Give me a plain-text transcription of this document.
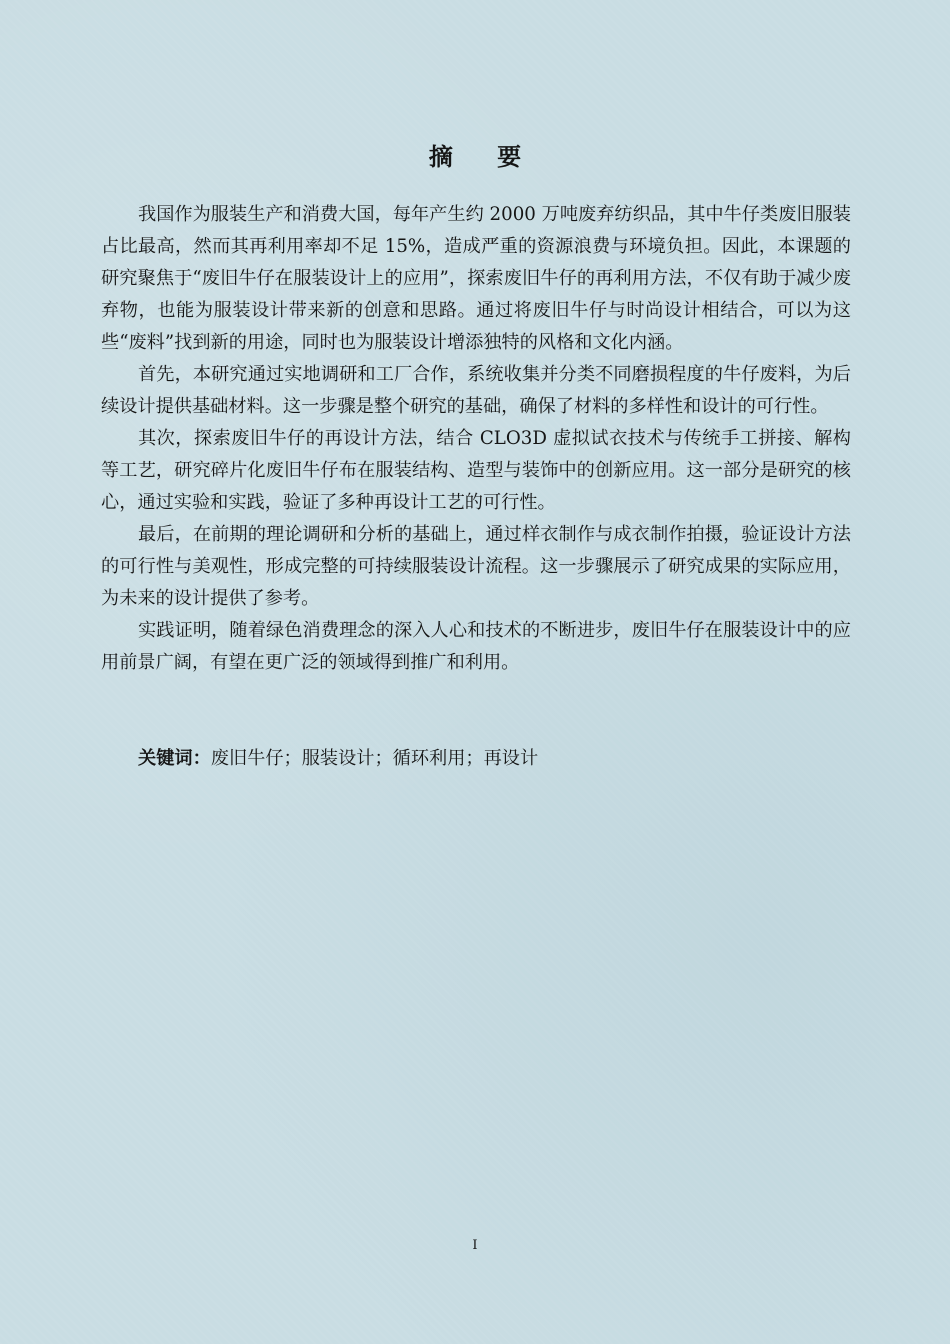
摘 要

我国作为服装生产和消费大国，每年产生约 2000 万吨废弃纺织品，其中牛仔类废旧服装占比最高，然而其再利用率却不足 15%，造成严重的资源浪费与环境负担。因此，本课题的研究聚焦于“废旧牛仔在服装设计上的应用”，探索废旧牛仔的再利用方法，不仅有助于减少废弃物，也能为服装设计带来新的创意和思路。通过将废旧牛仔与时尚设计相结合，可以为这些“废料”找到新的用途，同时也为服装设计增添独特的风格和文化内涵。

首先，本研究通过实地调研和工厂合作，系统收集并分类不同磨损程度的牛仔废料，为后续设计提供基础材料。这一步骤是整个研究的基础，确保了材料的多样性和设计的可行性。

其次，探索废旧牛仔的再设计方法，结合 CLO3D 虚拟试衣技术与传统手工拼接、解构等工艺，研究碎片化废旧牛仔布在服装结构、造型与装饰中的创新应用。这一部分是研究的核心，通过实验和实践，验证了多种再设计工艺的可行性。

最后，在前期的理论调研和分析的基础上，通过样衣制作与成衣制作拍摄，验证设计方法的可行性与美观性，形成完整的可持续服装设计流程。这一步骤展示了研究成果的实际应用，为未来的设计提供了参考。

实践证明，随着绿色消费理念的深入人心和技术的不断进步，废旧牛仔在服装设计中的应用前景广阔，有望在更广泛的领域得到推广和利用。

关键词：废旧牛仔；服装设计；循环利用；再设计
I
